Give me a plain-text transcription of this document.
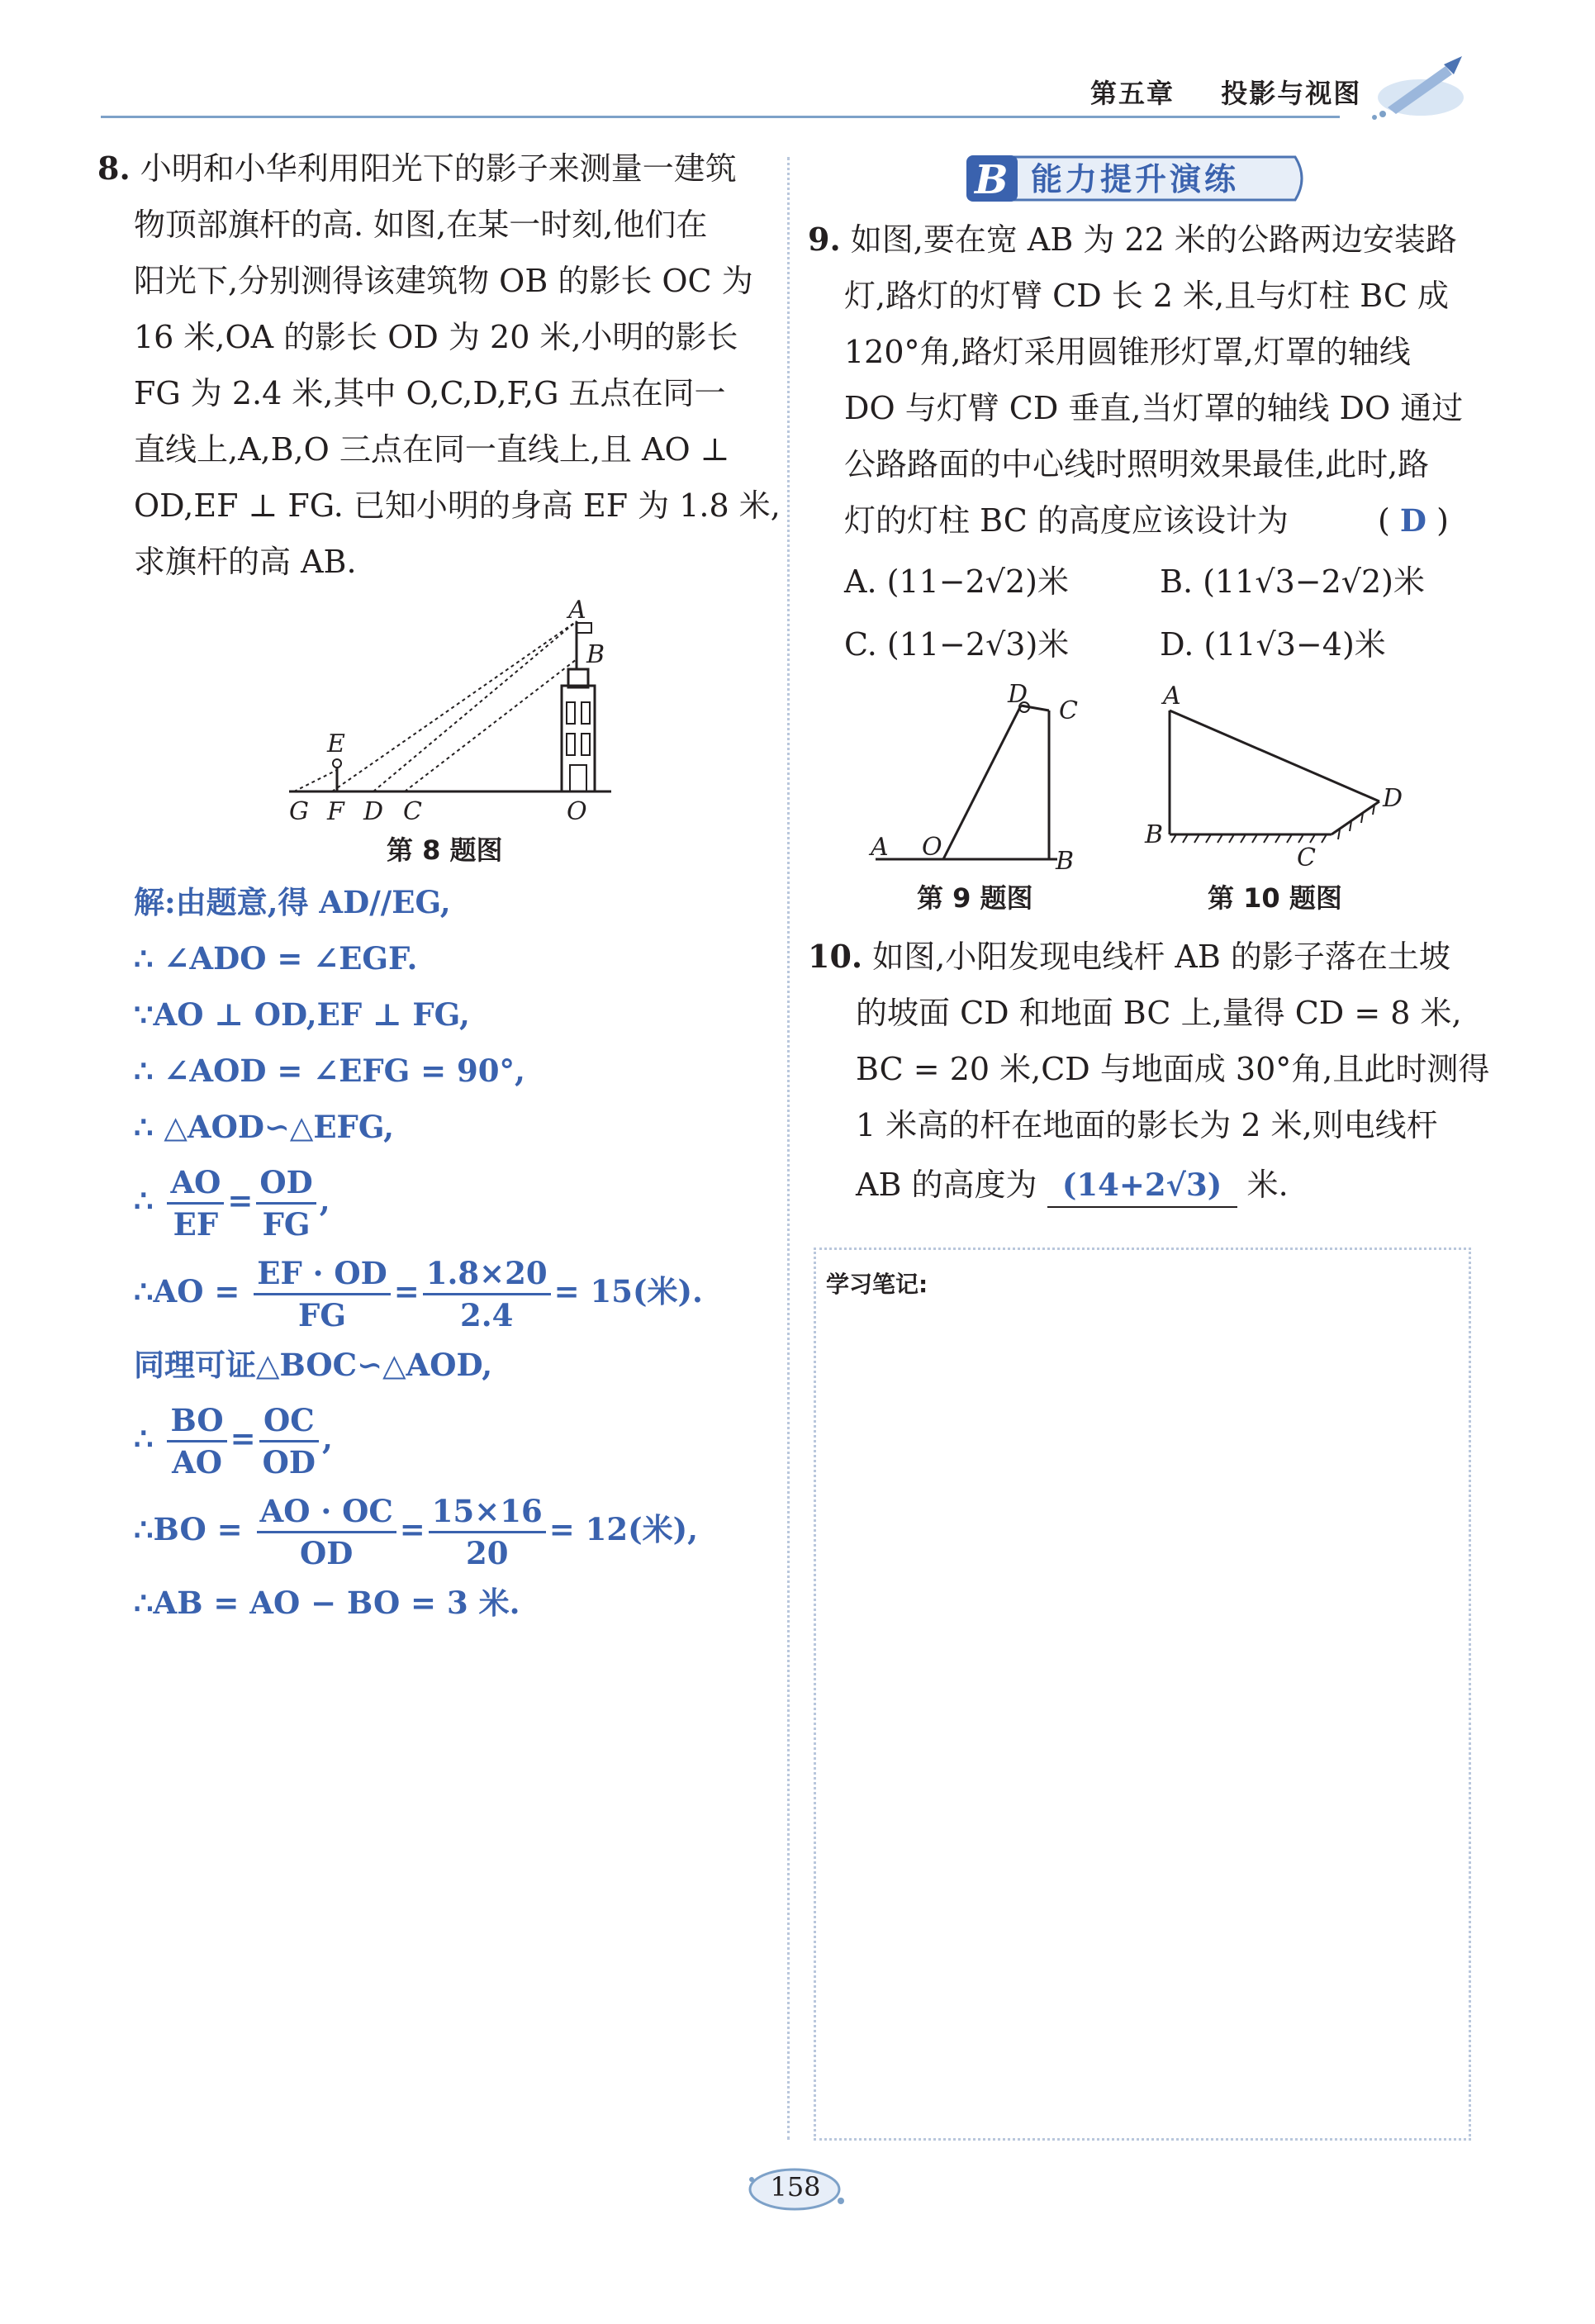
第五章 投影与视图
B 能力提升演练
8. 小明和小华利用阳光下的影子来测量一建筑
物顶部旗杆的高. 如图,在某一时刻,他们在
阳光下,分别测得该建筑物 OB 的影长 OC 为
16 米,OA 的影长 OD 为 20 米,小明的影长
FG 为 2.4 米,其中 O,C,D,F,G 五点在同一
直线上,A,B,O 三点在同一直线上,且 AO ⊥
OD,EF ⊥ FG. 已知小明的身高 EF 为 1.8 米,
求旗杆的高 AB.
A
B
E
G F D C	O
第 8 题图
解:由题意,得 AD//EG,
∴ ∠ADO = ∠EGF.
∵AO ⊥ OD,EF ⊥ FG,
∴ ∠AOD = ∠EFG = 90°,
∴ △AOD∽△EFG,
∴ $\frac{AO}{EF} = \frac{OD}{FG}$ ,
∴AO = $\frac{EF \cdot OD}{FG} = \frac{1.8\times 20}{2.4} = 15$(米).
同理可证△BOC∽△AOD,
∴ $\frac{BO}{AO} = \frac{OC}{OD}$ ,
∴BO = $\frac{AO \cdot OC}{OD} = \frac{15\times 16}{20} = 12$(米),
∴AB = AO − BO = 3 米.
9. 如图,要在宽 AB 为 22 米的公路两边安装路
灯,路灯的灯臂 CD 长 2 米,且与灯柱 BC 成
120°角,路灯采用圆锥形灯罩,灯罩的轴线
DO 与灯臂 CD 垂直,当灯罩的轴线 DO 通过
公路路面的中心线时照明效果最佳,此时,路
灯的灯柱 BC 的高度应该设计为	( D )
A. (11−2√2)米	B. (11√3−2√2)米
C. (11−2√3)米	D. (11√3−4)米
D
C
A O	B
第 9 题图
A
B
C
D
第 10 题图
10. 如图,小阳发现电线杆 AB 的影子落在土坡
的坡面 CD 和地面 BC 上,量得 CD = 8 米,
BC = 20 米,CD 与地面成 30°角,且此时测得
1 米高的杆在地面的影长为 2 米,则电线杆
AB 的高度为 (14+2√3) 米.
学习笔记:
158
